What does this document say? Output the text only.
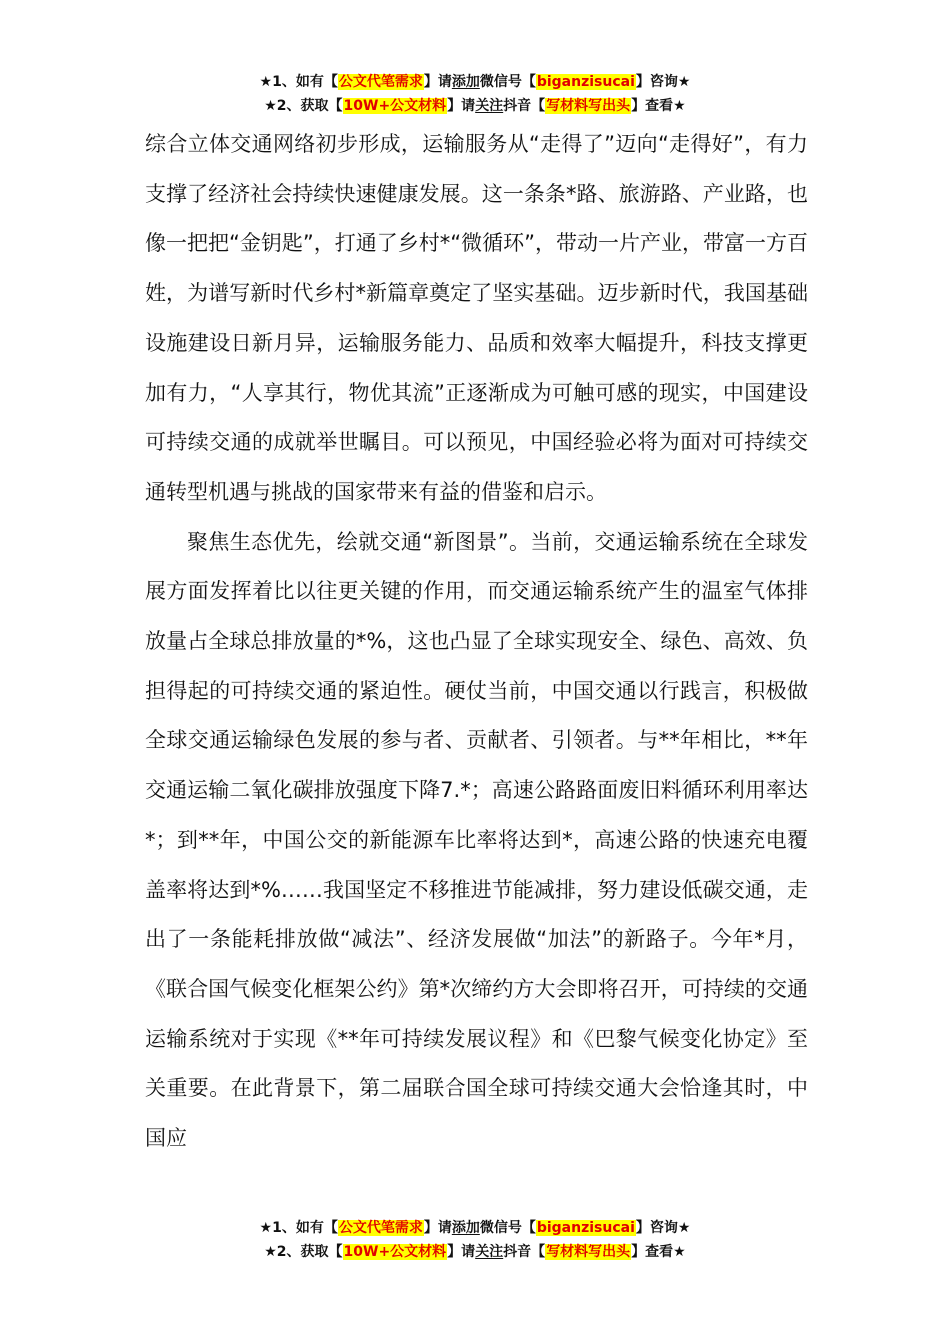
★1、如有【公文代笔需求】请添加微信号【biganzisucai】咨询★
★2、获取【10W+公文材料】请关注抖音【写材料写出头】查看★

综合立体交通网络初步形成，运输服务从“走得了”迈向“走得好”，有力支撑了经济社会持续快速健康发展。这一条条*路、旅游路、产业路，也像一把把“金钥匙”，打通了乡村*“微循环”，带动一片产业，带富一方百姓，为谱写新时代乡村*新篇章奠定了坚实基础。迈步新时代，我国基础设施建设日新月异，运输服务能力、品质和效率大幅提升，科技支撑更加有力，“人享其行，物优其流”正逐渐成为可触可感的现实，中国建设可持续交通的成就举世瞩目。可以预见，中国经验必将为面对可持续交通转型机遇与挑战的国家带来有益的借鉴和启示。

聚焦生态优先，绘就交通“新图景”。当前，交通运输系统在全球发展方面发挥着比以往更关键的作用，而交通运输系统产生的温室气体排放量占全球总排放量的*%，这也凸显了全球实现安全、绿色、高效、负担得起的可持续交通的紧迫性。硬仗当前，中国交通以行践言，积极做全球交通运输绿色发展的参与者、贡献者、引领者。与**年相比，**年交通运输二氧化碳排放强度下降7.*；高速公路路面废旧料循环利用率达*；到**年，中国公交的新能源车比率将达到*，高速公路的快速充电覆盖率将达到*%……我国坚定不移推进节能减排，努力建设低碳交通，走出了一条能耗排放做“减法”、经济发展做“加法”的新路子。今年*月，《联合国气候变化框架公约》第*次缔约方大会即将召开，可持续的交通运输系统对于实现《**年可持续发展议程》和《巴黎气候变化协定》至关重要。在此背景下，第二届联合国全球可持续交通大会恰逢其时，中国应

★1、如有【公文代笔需求】请添加微信号【biganzisucai】咨询★
★2、获取【10W+公文材料】请关注抖音【写材料写出头】查看★
